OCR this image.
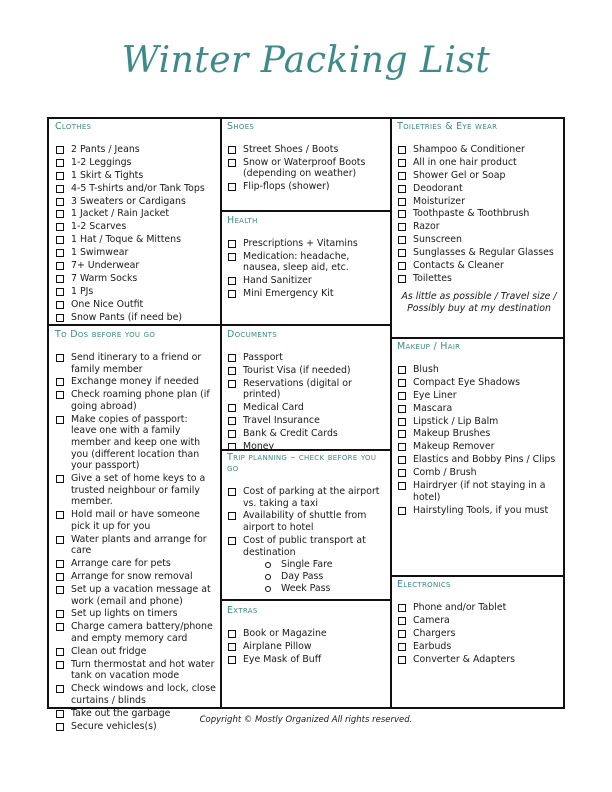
Winter Packing List
Clothes
2 Pants / Jeans
1-2 Leggings
1 Skirt & Tights
4-5 T-shirts and/or Tank Tops
3 Sweaters or Cardigans
1 Jacket / Rain Jacket
1-2 Scarves
1 Hat / Toque & Mittens
1 Swimwear
7+ Underwear
7 Warm Socks
1 PJs
One Nice Outfit
Snow Pants (if need be)
To Dos before you go
Send itinerary to a friend or family member
Exchange money if needed
Check roaming phone plan (if going abroad)
Make copies of passport: leave one with a family member and keep one with you (different location than your passport)
Give a set of home keys to a trusted neighbour or family member.
Hold mail or have someone pick it up for you
Water plants and arrange for care
Arrange care for pets
Arrange for snow removal
Set up a vacation message at work (email and phone)
Set up lights on timers
Charge camera battery/phone and empty memory card
Clean out fridge
Turn thermostat and hot water tank on vacation mode
Check windows and lock, close curtains / blinds
Take out the garbage
Secure vehicles(s)
Shoes
Street Shoes / Boots
Snow or Waterproof Boots (depending on weather)
Flip-flops (shower)
Health
Prescriptions + Vitamins
Medication: headache, nausea, sleep aid, etc.
Hand Sanitizer
Mini Emergency Kit
Documents
Passport
Tourist Visa (if needed)
Reservations (digital or printed)
Medical Card
Travel Insurance
Bank & Credit Cards
Money
Trip planning – check before you go
Cost of parking at the airport vs. taking a taxi
Availability of shuttle from airport to hotel
Cost of public transport at destination
Single Fare
Day Pass
Week Pass
Extras
Book or Magazine
Airplane Pillow
Eye Mask of Buff
Toiletries & Eye wear
Shampoo & Conditioner
All in one hair product
Shower Gel or Soap
Deodorant
Moisturizer
Toothpaste & Toothbrush
Razor
Sunscreen
Sunglasses & Regular Glasses
Contacts & Cleaner
Toilettes
As little as possible / Travel size / Possibly buy at my destination
Makeup / Hair
Blush
Compact Eye Shadows
Eye Liner
Mascara
Lipstick / Lip Balm
Makeup Brushes
Makeup Remover
Elastics and Bobby Pins / Clips
Comb / Brush
Hairdryer (if not staying in a hotel)
Hairstyling Tools, if you must
Electronics
Phone and/or Tablet
Camera
Chargers
Earbuds
Converter & Adapters
Copyright © Mostly Organized All rights reserved.
